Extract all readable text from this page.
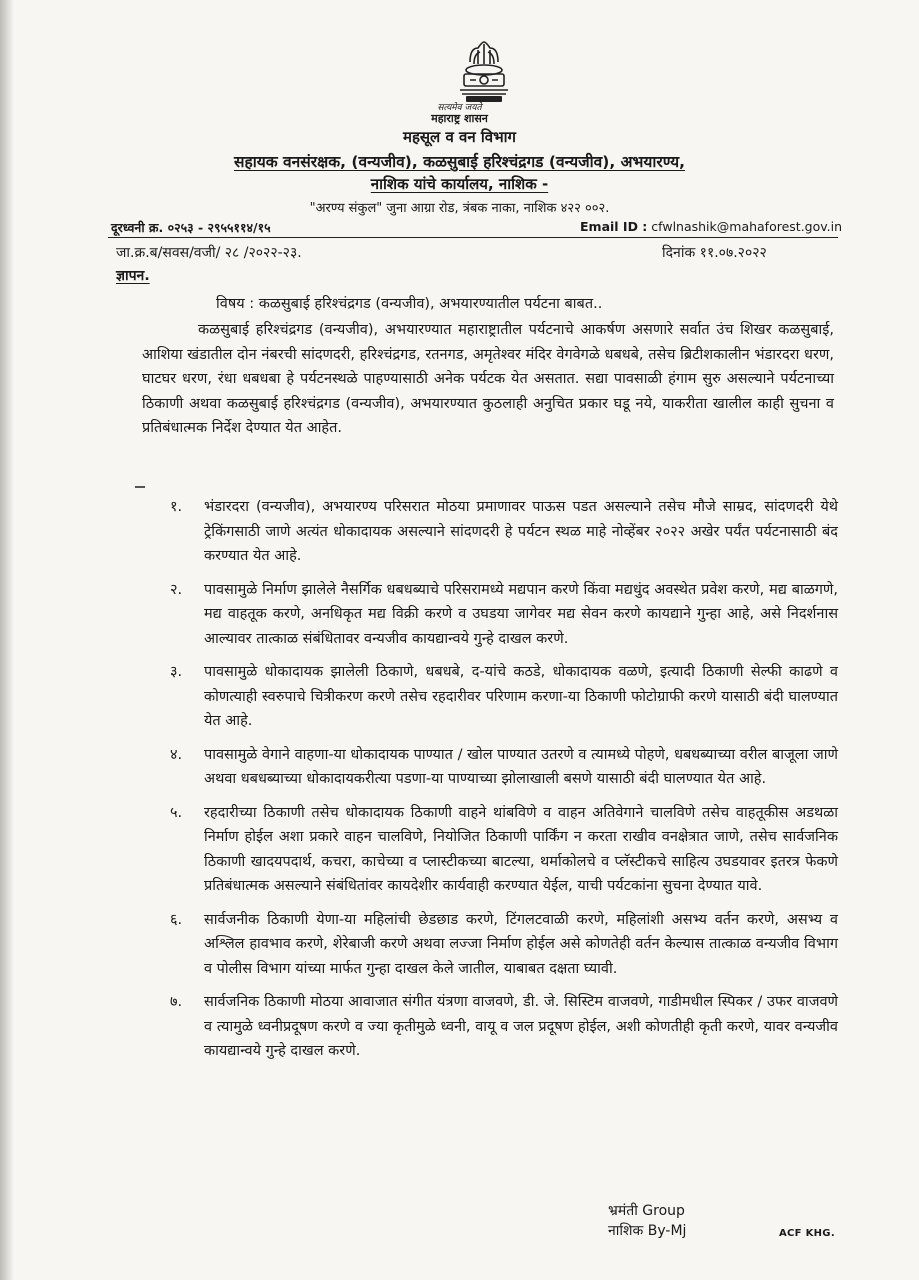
सत्यमेव जयते
महाराष्ट्र शासन
महसूल व वन विभाग
सहायक वनसंरक्षक, (वन्यजीव), कळसुबाई हरिश्चंद्रगड (वन्यजीव), अभयारण्य,
नाशिक यांचे कार्यालय, नाशिक -
"अरण्य संकुल" जुना आग्रा रोड, त्रंबक नाका, नाशिक ४२२ ००२.
दूरध्वनी क्र. ०२५३ - २९५५११४/१५	Email ID : cfwlnashik@mahaforest.gov.in
जा.क्र.ब/सवस/वजी/ २८ /२०२२-२३.	दिनांक ११.०७.२०२२
ज्ञापन.
विषय : कळसुबाई हरिश्चंद्रगड (वन्यजीव), अभयारण्यातील पर्यटना बाबत..
कळसुबाई हरिश्चंद्रगड (वन्यजीव), अभयारण्यात महाराष्ट्रातील पर्यटनाचे आकर्षण असणारे सर्वात उंच शिखर कळसुबाई, आशिया खंडातील दोन नंबरची सांदणदरी, हरिश्चंद्रगड, रतनगड, अमृतेश्वर मंदिर वेगवेगळे धबधबे, तसेच ब्रिटीशकालीन भंडारदरा धरण, घाटघर धरण, रंधा धबधबा हे पर्यटनस्थळे पाहण्यासाठी अनेक पर्यटक येत असतात. सद्या पावसाळी हंगाम सुरु असल्याने पर्यटनाच्या ठिकाणी अथवा कळसुबाई हरिश्चंद्रगड (वन्यजीव), अभयारण्यात कुठलाही अनुचित प्रकार घडू नये, याकरीता खालील काही सुचना व प्रतिबंधात्मक निर्देश देण्यात येत आहेत.
१.	भंडारदरा (वन्यजीव), अभयारण्य परिसरात मोठया प्रमाणावर पाऊस पडत असल्याने तसेच मौजे साम्रद, सांदणदरी येथे ट्रेकिंगसाठी जाणे अत्यंत धोकादायक असल्याने सांदणदरी हे पर्यटन स्थळ माहे नोव्हेंबर २०२२ अखेर पर्यंत पर्यटनासाठी बंद करण्यात येत आहे.
२.	पावसामुळे निर्माण झालेले नैसर्गिक धबधब्याचे परिसरामध्ये मद्यपान करणे किंवा मद्यधुंद अवस्थेत प्रवेश करणे, मद्य बाळगणे, मद्य वाहतूक करणे, अनधिकृत मद्य विक्री करणे व उघडया जागेवर मद्य सेवन करणे कायद्याने गुन्हा आहे, असे निदर्शनास आल्यावर तात्काळ संबंधितावर वन्यजीव कायद्यान्वये गुन्हे दाखल करणे.
३.	पावसामुळे धोकादायक झालेली ठिकाणे, धबधबे, द-यांचे कठडे, धोकादायक वळणे, इत्यादी ठिकाणी सेल्फी काढणे व कोणत्याही स्वरुपाचे चित्रीकरण करणे तसेच रहदारीवर परिणाम करणा-या ठिकाणी फोटोग्राफी करणे यासाठी बंदी घालण्यात येत आहे.
४.	पावसामुळे वेगाने वाहणा-या धोकादायक पाण्यात / खोल पाण्यात उतरणे व त्यामध्ये पोहणे, धबधब्याच्या वरील बाजूला जाणे अथवा धबधब्याच्या धोकादायकरीत्या पडणा-या पाण्याच्या झोलाखाली बसणे यासाठी बंदी घालण्यात येत आहे.
५.	रहदारीच्या ठिकाणी तसेच धोकादायक ठिकाणी वाहने थांबविणे व वाहन अतिवेगाने चालविणे तसेच वाहतूकीस अडथळा निर्माण होईल अशा प्रकारे वाहन चालविणे, नियोजित ठिकाणी पार्किंग न करता राखीव वनक्षेत्रात जाणे, तसेच सार्वजनिक ठिकाणी खादयपदार्थ, कचरा, काचेच्या व प्लास्टीकच्या बाटल्या, थर्माकोलचे व प्लॅस्टीकचे साहित्य उघडयावर इतरत्र फेकणे प्रतिबंधात्मक असल्याने संबंधितांवर कायदेशीर कार्यवाही करण्यात येईल, याची पर्यटकांना सुचना देण्यात यावे.
६.	सार्वजनीक ठिकाणी येणा-या महिलांची छेडछाड करणे, टिंगलटवाळी करणे, महिलांशी असभ्य वर्तन करणे, असभ्य व अश्लिल हावभाव करणे, शेरेबाजी करणे अथवा लज्जा निर्माण होईल असे कोणतेही वर्तन केल्यास तात्काळ वन्यजीव विभाग व पोलीस विभाग यांच्या मार्फत गुन्हा दाखल केले जातील, याबाबत दक्षता घ्यावी.
७.	सार्वजनिक ठिकाणी मोठया आवाजात संगीत यंत्रणा वाजवणे, डी. जे. सिस्टिम वाजवणे, गाडीमधील स्पिकर / उफर वाजवणे व त्यामुळे ध्वनीप्रदूषण करणे व ज्या कृतीमुळे ध्वनी, वायू व जल प्रदूषण होईल, अशी कोणतीही कृती करणे, यावर वन्यजीव कायद्यान्वये गुन्हे दाखल करणे.
भ्रमंती Group
नाशिक By-Mj	ACF KHG.
